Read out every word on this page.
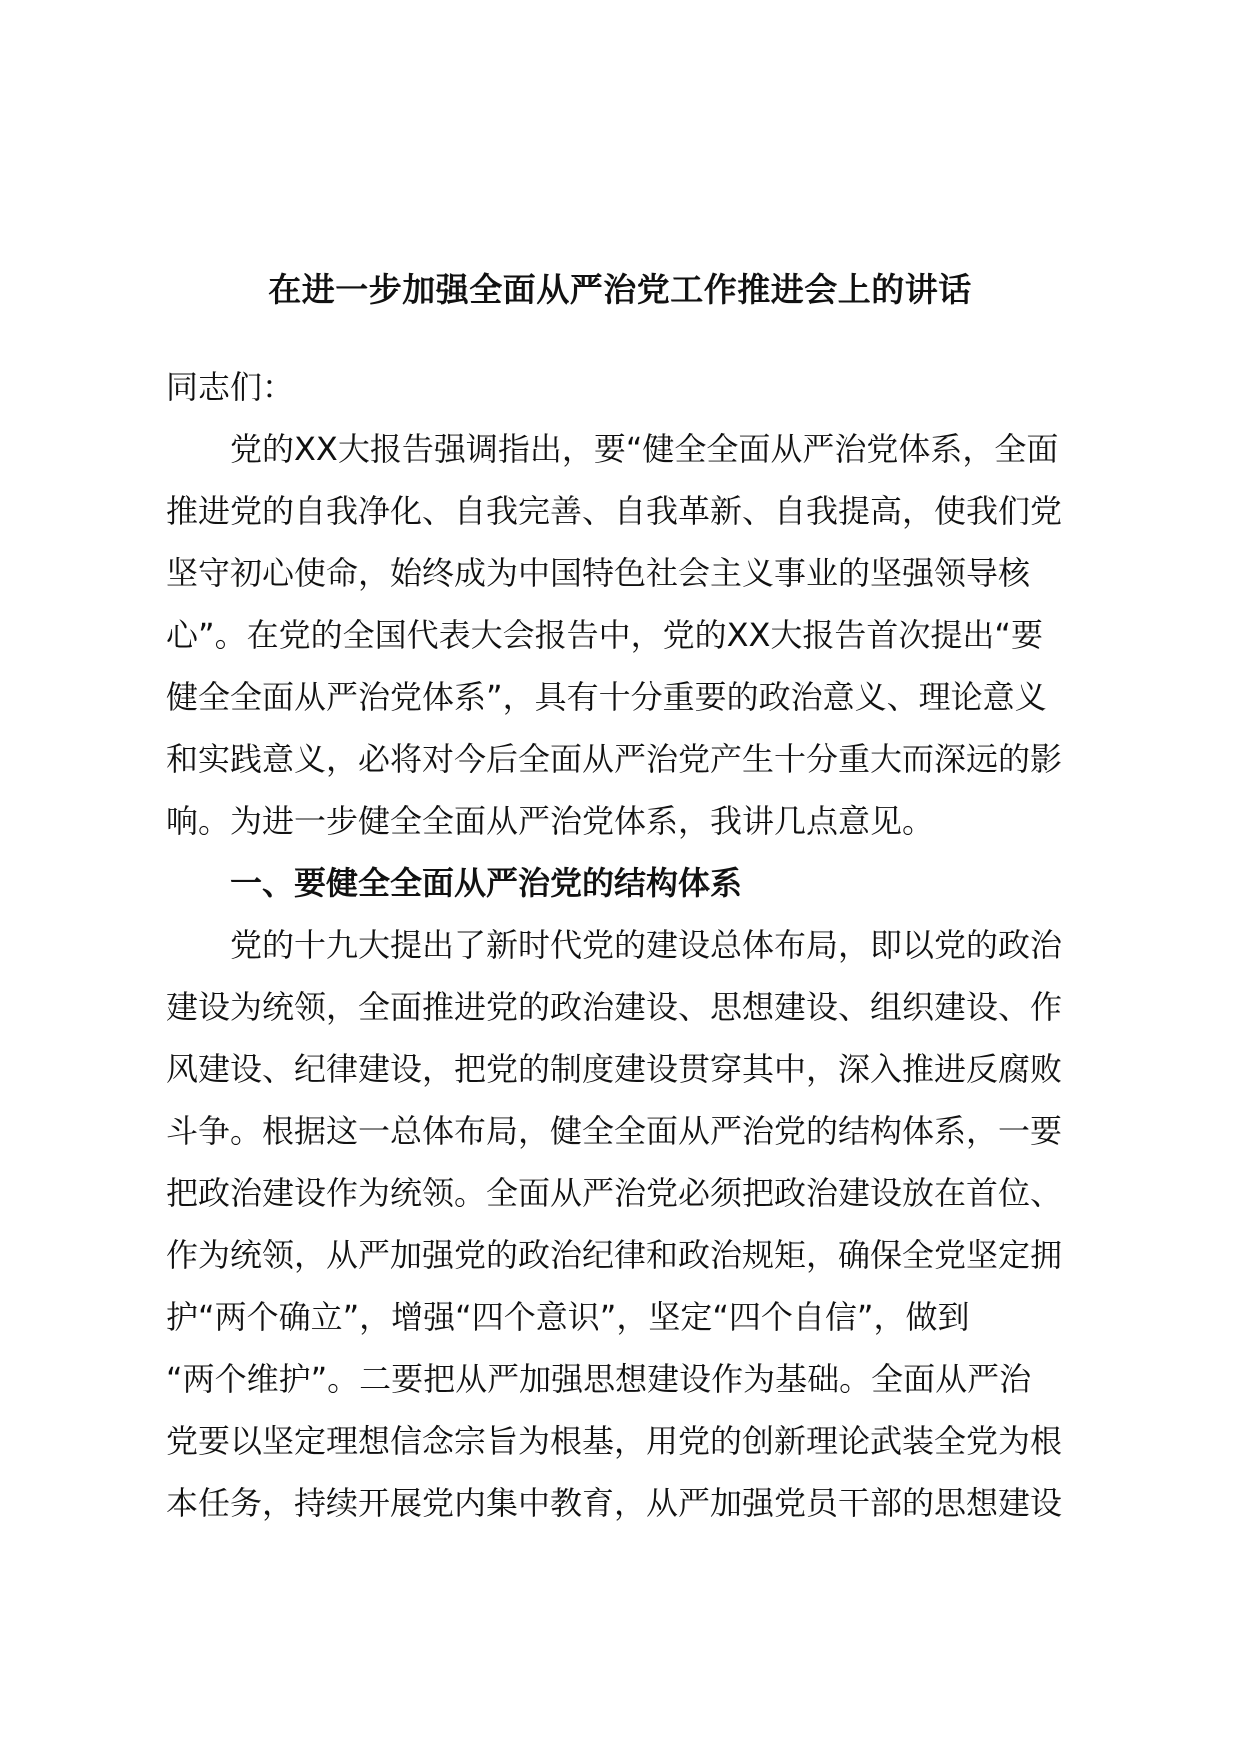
在进一步加强全面从严治党工作推进会上的讲话
同志们：
党的XX大报告强调指出，要“健全全面从严治党体系，全面
推进党的自我净化、自我完善、自我革新、自我提高，使我们党
坚守初心使命，始终成为中国特色社会主义事业的坚强领导核
心”。在党的全国代表大会报告中，党的XX大报告首次提出“要
健全全面从严治党体系”，具有十分重要的政治意义、理论意义
和实践意义，必将对今后全面从严治党产生十分重大而深远的影
响。为进一步健全全面从严治党体系，我讲几点意见。
一、要健全全面从严治党的结构体系
党的十九大提出了新时代党的建设总体布局，即以党的政治
建设为统领，全面推进党的政治建设、思想建设、组织建设、作
风建设、纪律建设，把党的制度建设贯穿其中，深入推进反腐败
斗争。根据这一总体布局，健全全面从严治党的结构体系，一要
把政治建设作为统领。全面从严治党必须把政治建设放在首位、
作为统领，从严加强党的政治纪律和政治规矩，确保全党坚定拥
护“两个确立”，增强“四个意识”，坚定“四个自信”，做到
“两个维护”。二要把从严加强思想建设作为基础。全面从严治
党要以坚定理想信念宗旨为根基，用党的创新理论武装全党为根
本任务，持续开展党内集中教育，从严加强党员干部的思想建设
